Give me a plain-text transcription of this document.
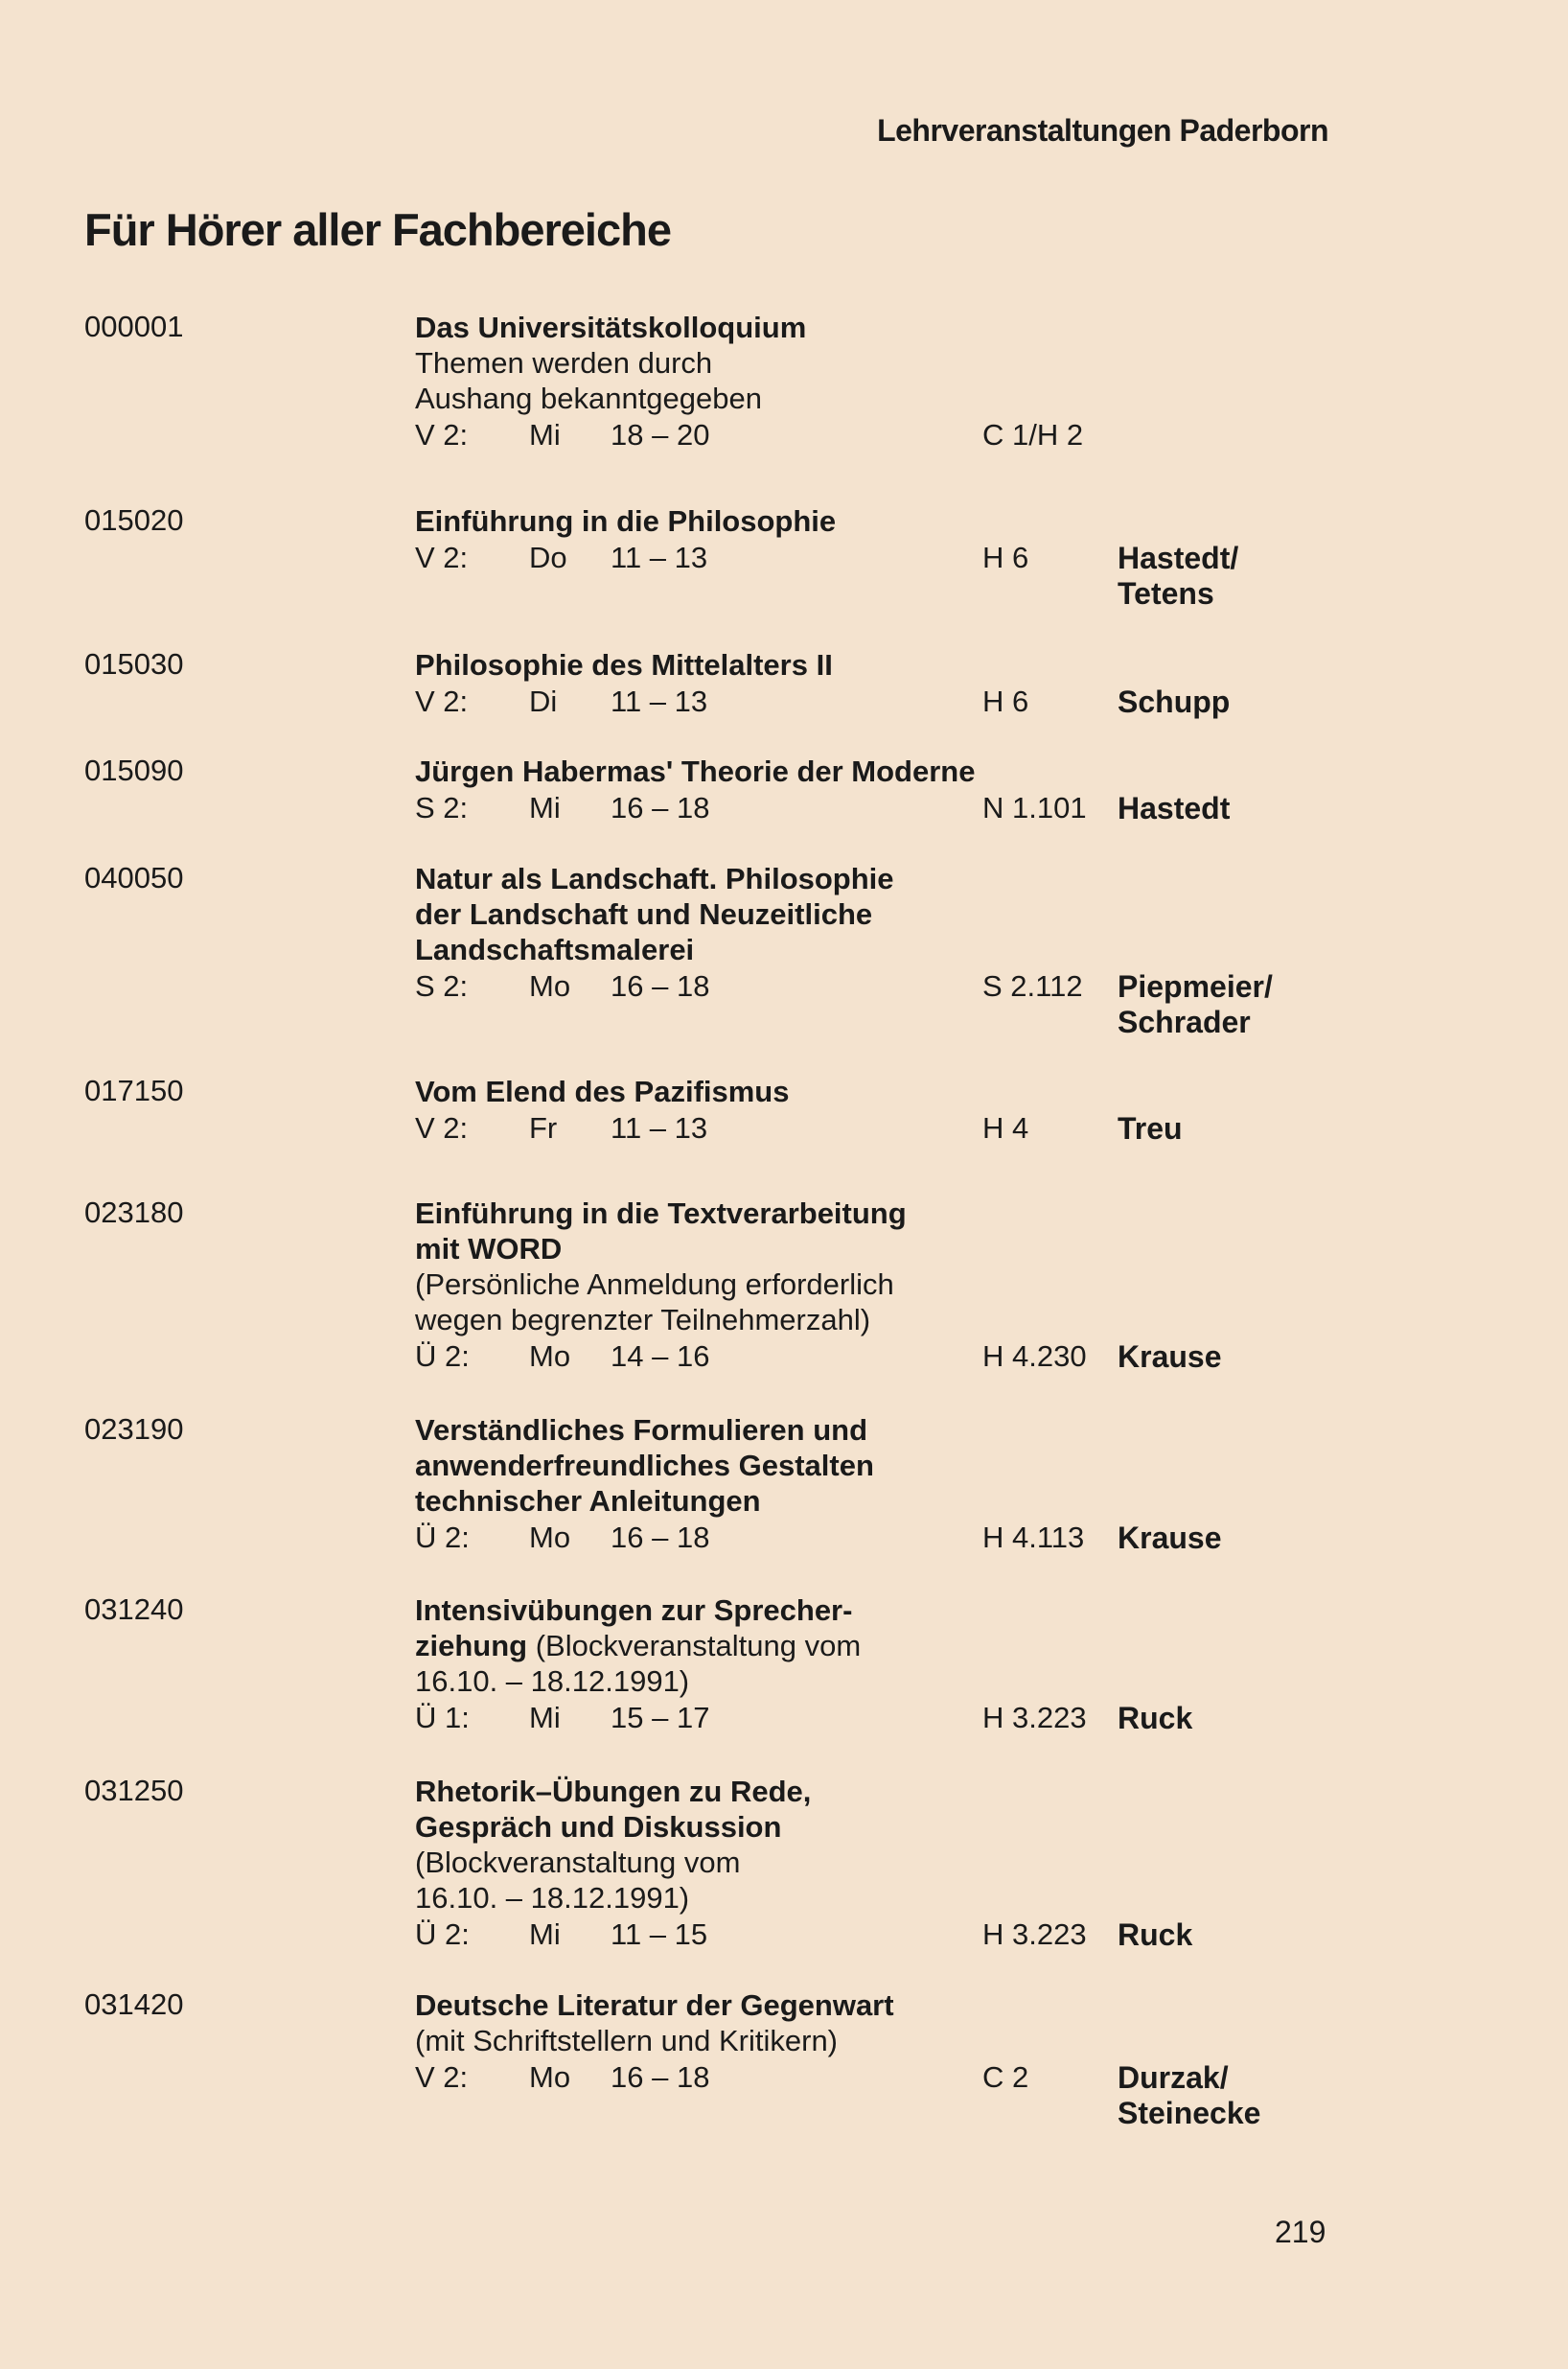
Lehrveranstaltungen Paderborn
Für Hörer aller Fachbereiche
000001	Das Universitätskolloquium
Themen werden durch
Aushang bekanntgegeben
V 2: Mi 18 – 20	C 1/H 2
015020	Einführung in die Philosophie
V 2: Do 11 – 13	H 6	Hastedt/
Tetens
015030	Philosophie des Mittelalters II
V 2: Di 11 – 13	H 6	Schupp
015090	Jürgen Habermas' Theorie der Moderne
S 2: Mi 16 – 18	N 1.101 Hastedt
040050	Natur als Landschaft. Philosophie
der Landschaft und Neuzeitliche
Landschaftsmalerei
S 2: Mo 16 – 18	S 2.112 Piepmeier/
Schrader
017150	Vom Elend des Pazifismus
V 2: Fr 11 – 13	H 4	Treu
023180	Einführung in die Textverarbeitung
mit WORD
(Persönliche Anmeldung erforderlich
wegen begrenzter Teilnehmerzahl)
Ü 2: Mo 14 – 16	H 4.230 Krause
023190	Verständliches Formulieren und
anwenderfreundliches Gestalten
technischer Anleitungen
Ü 2: Mo 16 – 18	H 4.113 Krause
031240	Intensivübungen zur Sprecher-
ziehung (Blockveranstaltung vom
16.10. – 18.12.1991)
Ü 1: Mi 15 – 17	H 3.223 Ruck
031250	Rhetorik–Übungen zu Rede,
Gespräch und Diskussion
(Blockveranstaltung vom
16.10. – 18.12.1991)
Ü 2: Mi 11 – 15	H 3.223 Ruck
031420	Deutsche Literatur der Gegenwart
(mit Schriftstellern und Kritikern)
V 2: Mo 16 – 18	C 2	Durzak/
Steinecke
219
